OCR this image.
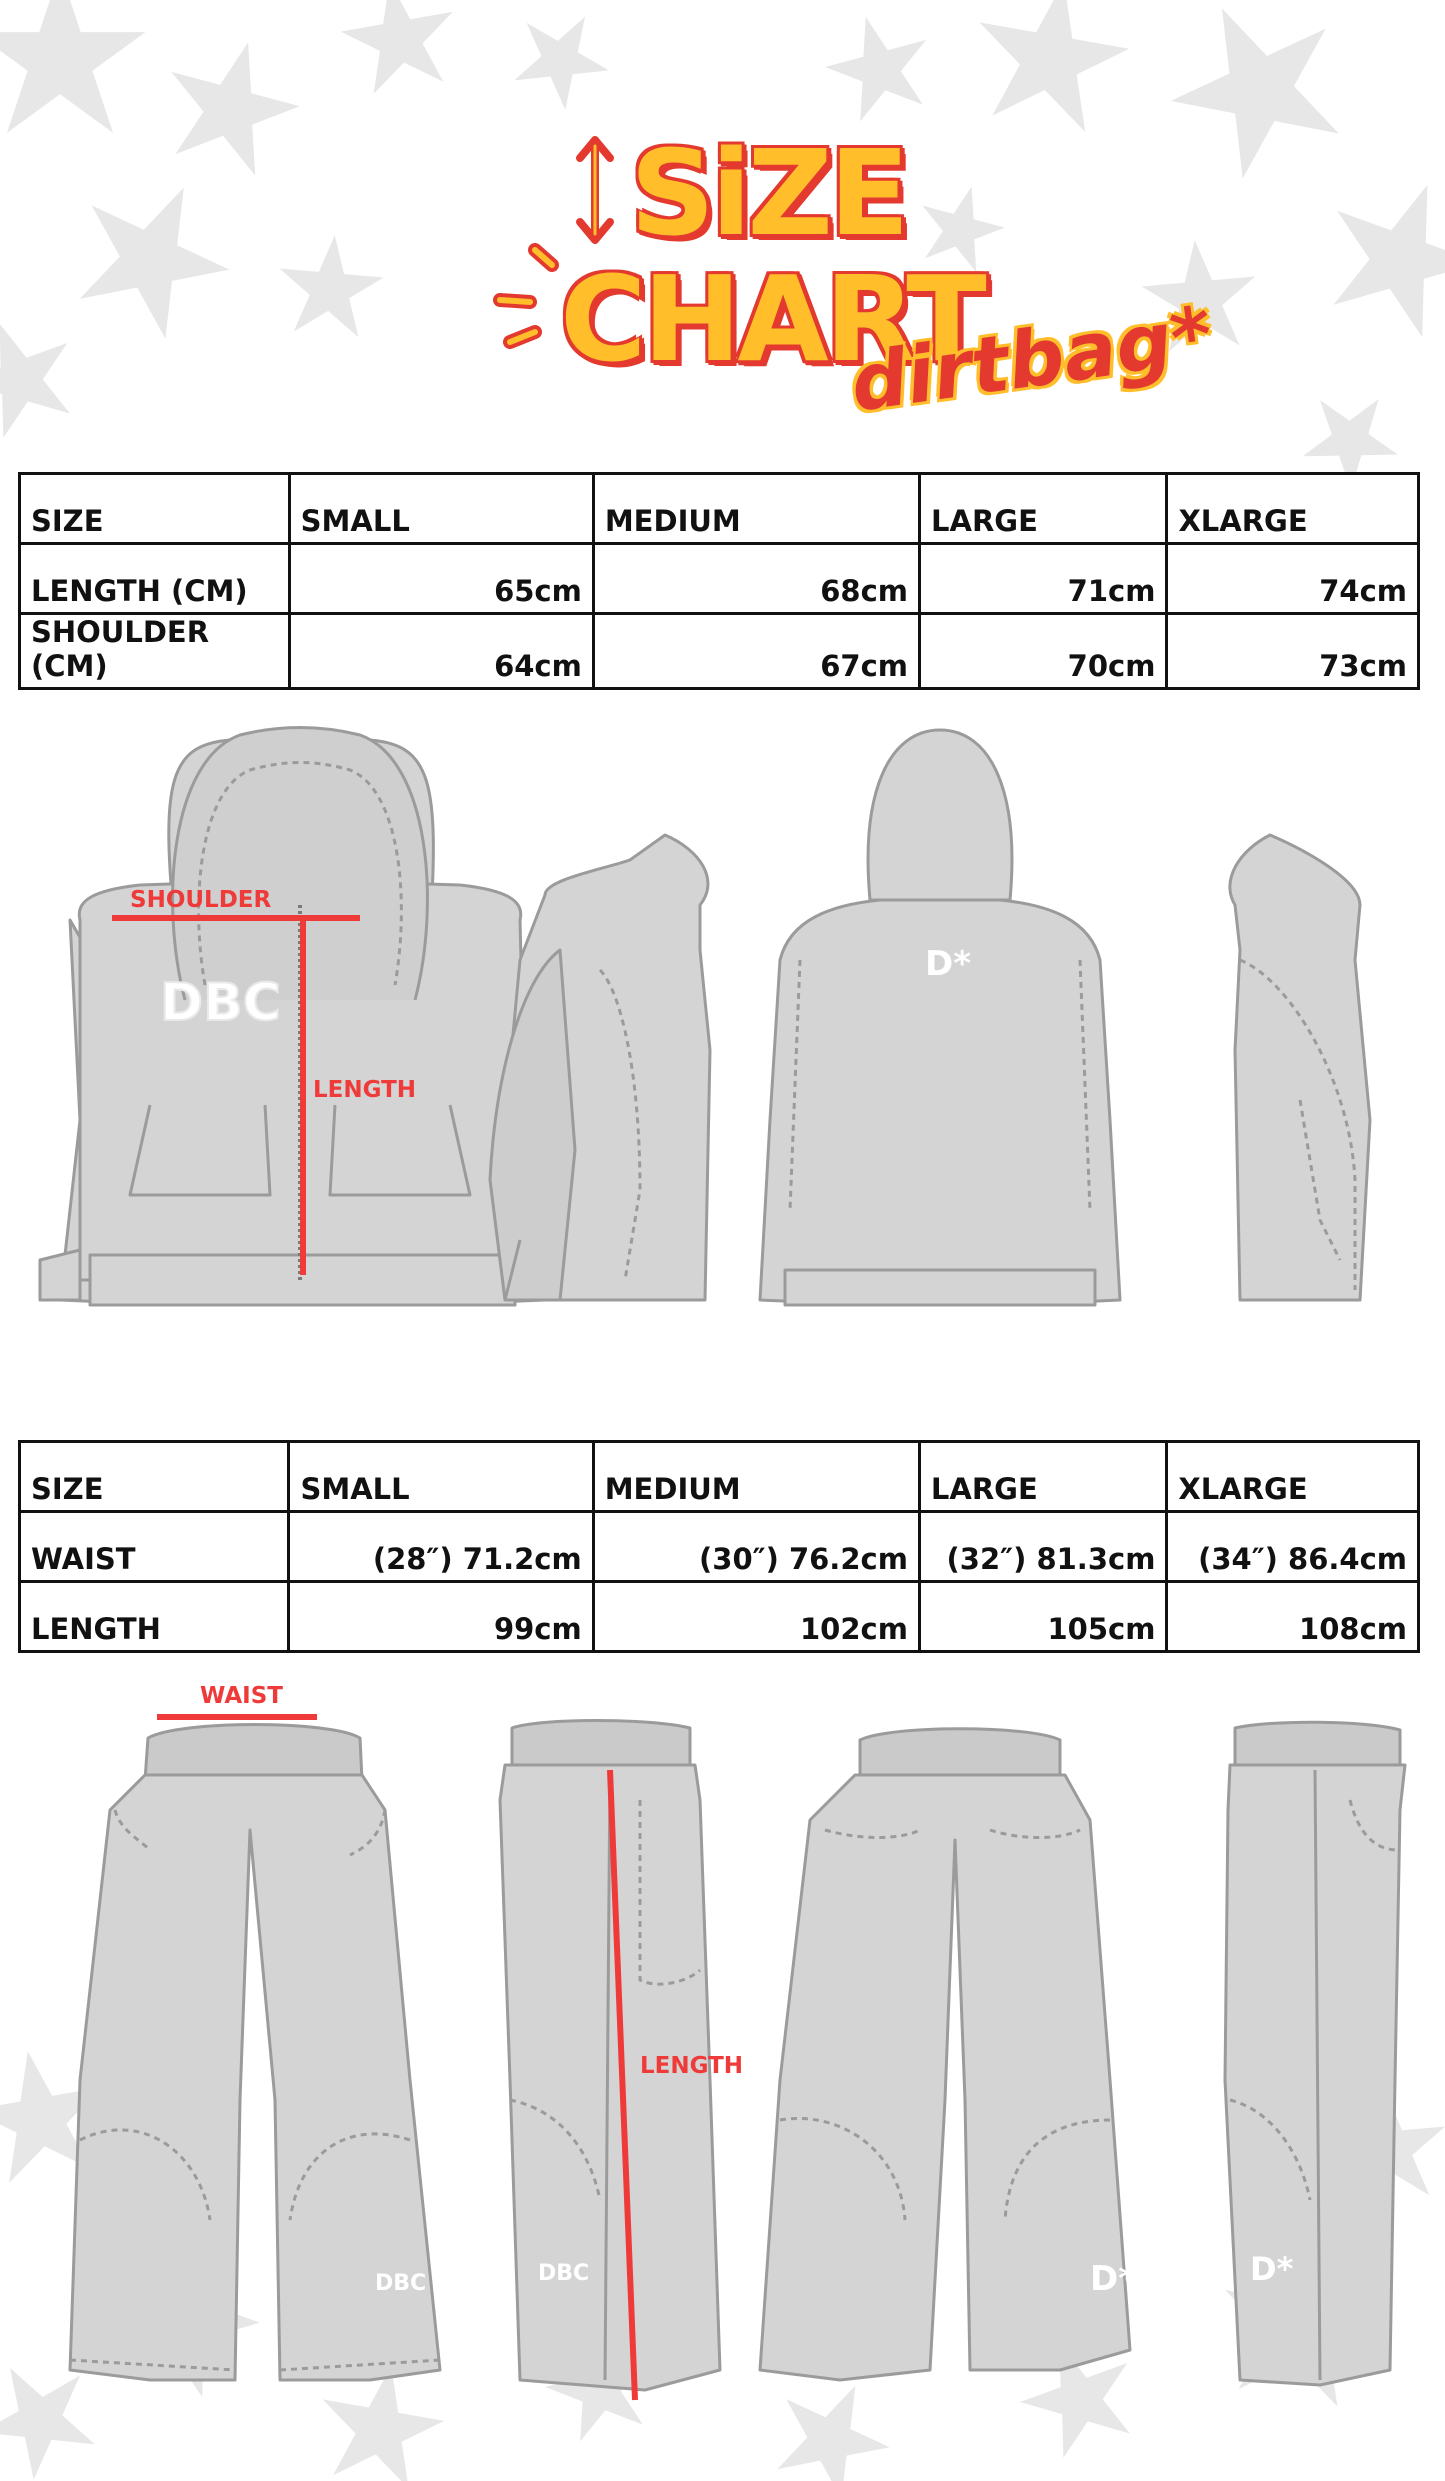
SiZE
CHART
dirtbag*
SIZE	SMALL	MEDIUM	LARGE	XLARGE
LENGTH (CM)	65cm	68cm	71cm	74cm
SHOULDER (CM)	64cm	67cm	70cm	73cm
DBC
D*
SHOULDER
LENGTH
SIZE	SMALL	MEDIUM	LARGE	XLARGE
WAIST	(28″) 71.2cm	(30″) 76.2cm	(32″) 81.3cm	(34″) 86.4cm
LENGTH	99cm	102cm	105cm	108cm
DBC	DBC	D*	D*
WAIST
LENGTH
